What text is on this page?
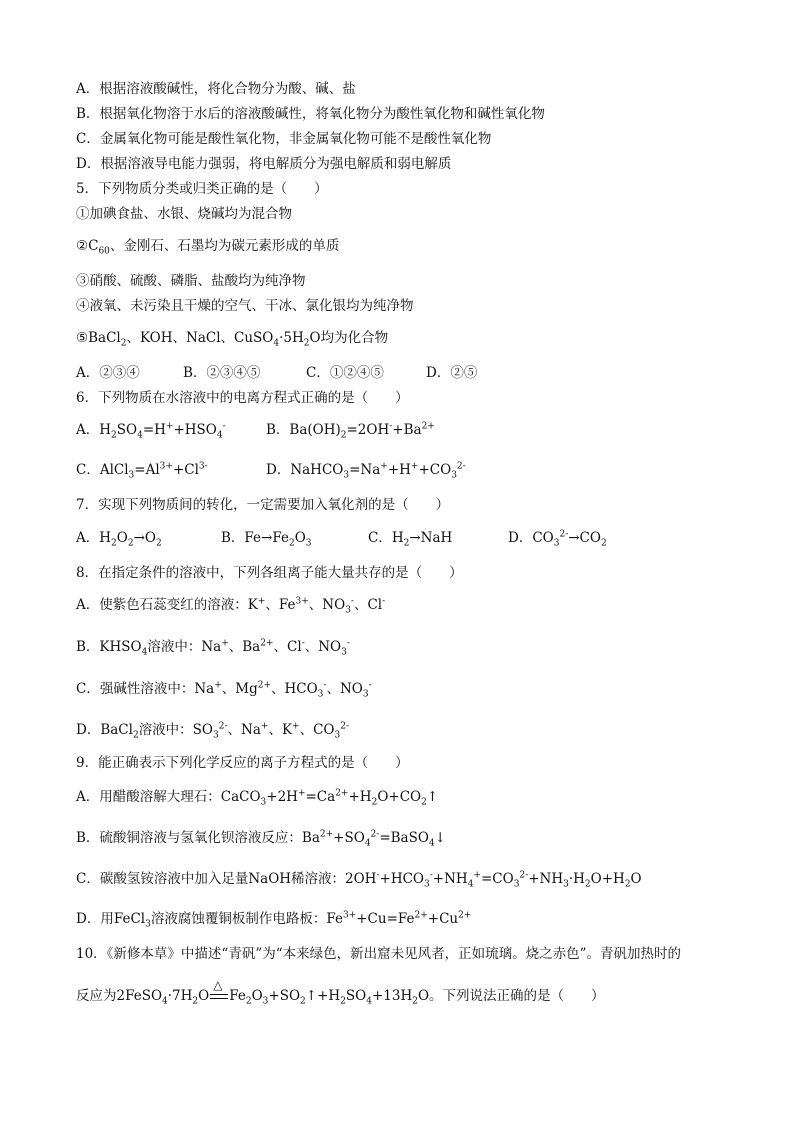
A．根据溶液酸碱性，将化合物分为酸、碱、盐
B．根据氧化物溶于水后的溶液酸碱性，将氧化物分为酸性氧化物和碱性氧化物
C．金属氧化物可能是酸性氧化物，非金属氧化物可能不是酸性氧化物
D．根据溶液导电能力强弱，将电解质分为强电解质和弱电解质
5．下列物质分类或归类正确的是（　　）
①加碘食盐、水银、烧碱均为混合物
$②C_{60}$、金刚石、石墨均为碳元素形成的单质
③硝酸、硫酸、磷脂、盐酸均为纯净物
④液氧、未污染且干燥的空气、干冰、氯化银均为纯净物
⑤BaCl$_2$、KOH、NaCl、$CuSO_4\cdot 5H_2O$均为化合物
A．②③④	B．②③④⑤	C．①②④⑤	D．②⑤
6．下列物质在水溶液中的电离方程式正确的是（　　）
A．$H_2SO_4=H^++HSO_4^-$	B．$Ba(OH)_2=2OH^-+Ba^{2+}$
C．$AlCl_3=Al^{3+}+Cl^{3-}$	D．$NaHCO_3=Na^++H^++CO_3^{2-}$
7．实现下列物质间的转化，一定需要加入氧化剂的是（　　）
A．$H_2O_2\to O_2$	B．$Fe\to Fe_2O_3$	C．$H_2\to NaH$	D．$CO_3^{2-}\to CO_2$
8．在指定条件的溶液中，下列各组离子能大量共存的是（　　）
A．使紫色石蕊变红的溶液：K+、$Fe^{3+}$、$NO_3^-$、Cl-
B．$KHSO_4$溶液中：Na+、$Ba^{2+}$、Cl-、$NO_3^-$
C．强碱性溶液中：Na+、$Mg^{2+}$、$HCO_3^-$、$NO_3^-$
D．BaCl$_2$溶液中：$SO_3^{2-}$、Na+、K+、$CO_3^{2-}$
9．能正确表示下列化学反应的离子方程式的是（　　）
A．用醋酸溶解大理石：$CaCO_3+2H^+=Ca^{2+}+H_2O+CO_2↑$
B．硫酸铜溶液与氢氧化钡溶液反应：$Ba^{2+}+SO_4^{2-}=BaSO_4↓$
C．碳酸氢铵溶液中加入足量NaOH稀溶液：$2OH^-+HCO_3^-+NH_4^+=CO_3^{2-}+NH_3\cdot H_2O+H_2O$
D．用FeCl$_3$溶液腐蚀覆铜板制作电路板：$Fe^{3+}+Cu=Fe^{2+}+Cu^{2+}$
10．《新修本草》中描述“青矾”为“本来绿色，新出窟未见风者，正如琉璃。烧之赤色”。青矾加热时的
反应为$2FeSO_4\cdot 7H_2O$
△
$Fe_2O_3+SO_2↑+H_2SO_4+13H_2O$。下列说法正确的是（　　）
